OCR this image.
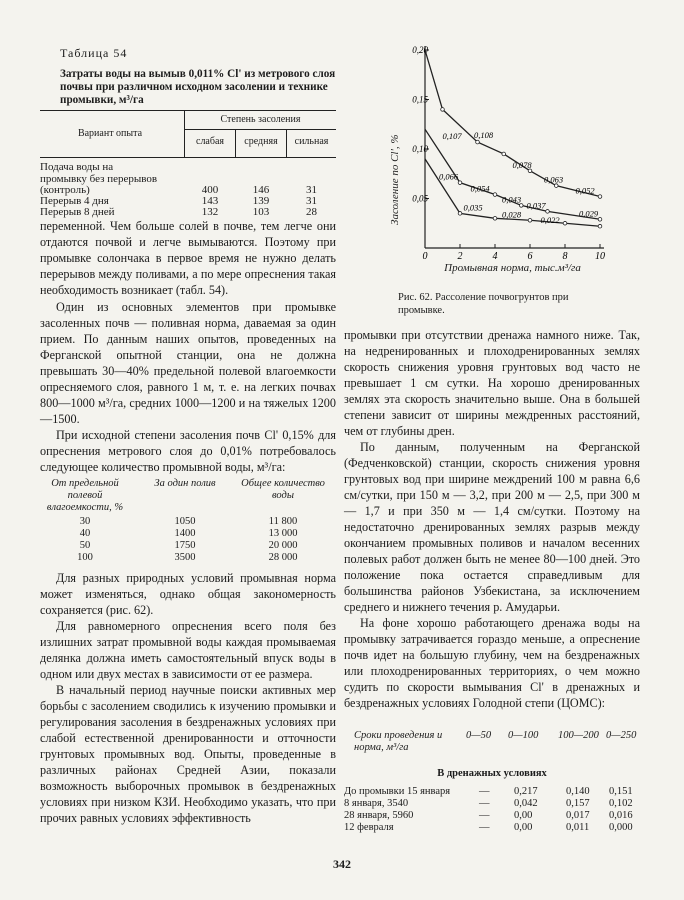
Таблица 54
Затраты воды на вымыв 0,011% Cl' из метрового слоя почвы при различном исходном засолении и технике промывки, м³/га
Вариант опыта
Степень засоления
слабая	средняя	сильная
Подача воды на промывку без перерывов (контроль)	400	146	31
Перерыв 4 дня	143	139	31
Перерыв 8 дней	132	103	28

переменной. Чем больше солей в почве, тем легче они отдаются почвой и легче вымываются. Поэтому при промывке солончака в первое время не нужно делать перерывов между поливами, а по мере опреснения такая необходимость возникает (табл. 54).

Один из основных элементов при промывке засоленных почв — поливная норма, даваемая за один прием. По данным наших опытов, проведенных на Ферганской опытной станции, она не должна превышать 30—40% предельной полевой влагоемкости опресняемого слоя, равного 1 м, т. е. на легких почвах 800—1000 м³/га, средних 1000—1200 и на тяжелых 1200—1500.

При исходной степени засоления почв Cl' 0,15% для опреснения метрового слоя до 0,01% потребовалось следующее количество промывной воды, м³/га:

От предельной полевой влагоемкости, %
За один полив	Общее количество воды
30	1050	11 800
40	1400	13 000
50	1750	20 000
100	3500	28 000

Для разных природных условий промывная норма может изменяться, однако общая закономерность сохраняется (рис. 62).

Для равномерного опреснения всего поля без излишних затрат промывной воды каждая промываемая делянка должна иметь самостоятельный впуск воды в одном или двух местах в зависимости от ее размера.

В начальный период научные поиски активных мер борьбы с засолением сводились к изучению промывки и регулирования засоления в бездренажных условиях при слабой естественной дренированности и отточности грунтовых промывных вод. Опыты, проведенные в различных районах Средней Азии, показали возможность выборочных промывок в бездренажных условиях при низком КЗИ. Необходимо указать, что при прочих равных условиях эффективность

0	2	4	6	8	10
0,05
0,10
0,15
0,20
0,107 0,108
0,078
0,063
0,052
0,066
0,054
0,043
0,037
0,029
0,035
0,028
0,022
Засоление по Cl', %
Промывная норма, тыс.м³/га
Рис. 62. Рассоление почвогрунтов при промывке.

промывки при отсутствии дренажа намного ниже. Так, на недренированных и плоходренированных землях скорость снижения уровня грунтовых вод часто не превышает 1 см сутки. На хорошо дренированных землях эта скорость значительно выше. Она в большей степени зависит от ширины междренных расстояний, чем от глубины дрен.

По данным, полученным на Ферганской (Федченковской) станции, скорость снижения уровня грунтовых вод при ширине междрений 100 м равна 6,6 см/сутки, при 150 м — 3,2, при 200 м — 2,5, при 300 м — 1,7 и при 350 м — 1,4 см/сутки. Поэтому на недостаточно дренированных землях разрыв между окончанием промывных поливов и началом весенних полевых работ должен быть не менее 80—100 дней. Это положение пока остается справедливым для большинства районов Узбекистана, за исключением среднего и нижнего течения р. Амударьи.

На фоне хорошо работающего дренажа воды на промывку затрачивается гораздо меньше, а опреснение почв идет на большую глубину, чем на бездренажных или плоходренированных территориях, о чем можно судить по скорости вымывания Cl' в дренажных и бездренажных условиях Голодной степи (ЦОМС):

Сроки проведения и норма, м³/га
0—50	0—100	100—200 0—250
В дренажных условиях
До промывки 15 января	— 0,217	0,140 0,151
8 января, 3540	— 0,042	0,157 0,102
28 января, 5960	— 0,00	0,017 0,016
12 февраля	— 0,00	0,011 0,000
342
